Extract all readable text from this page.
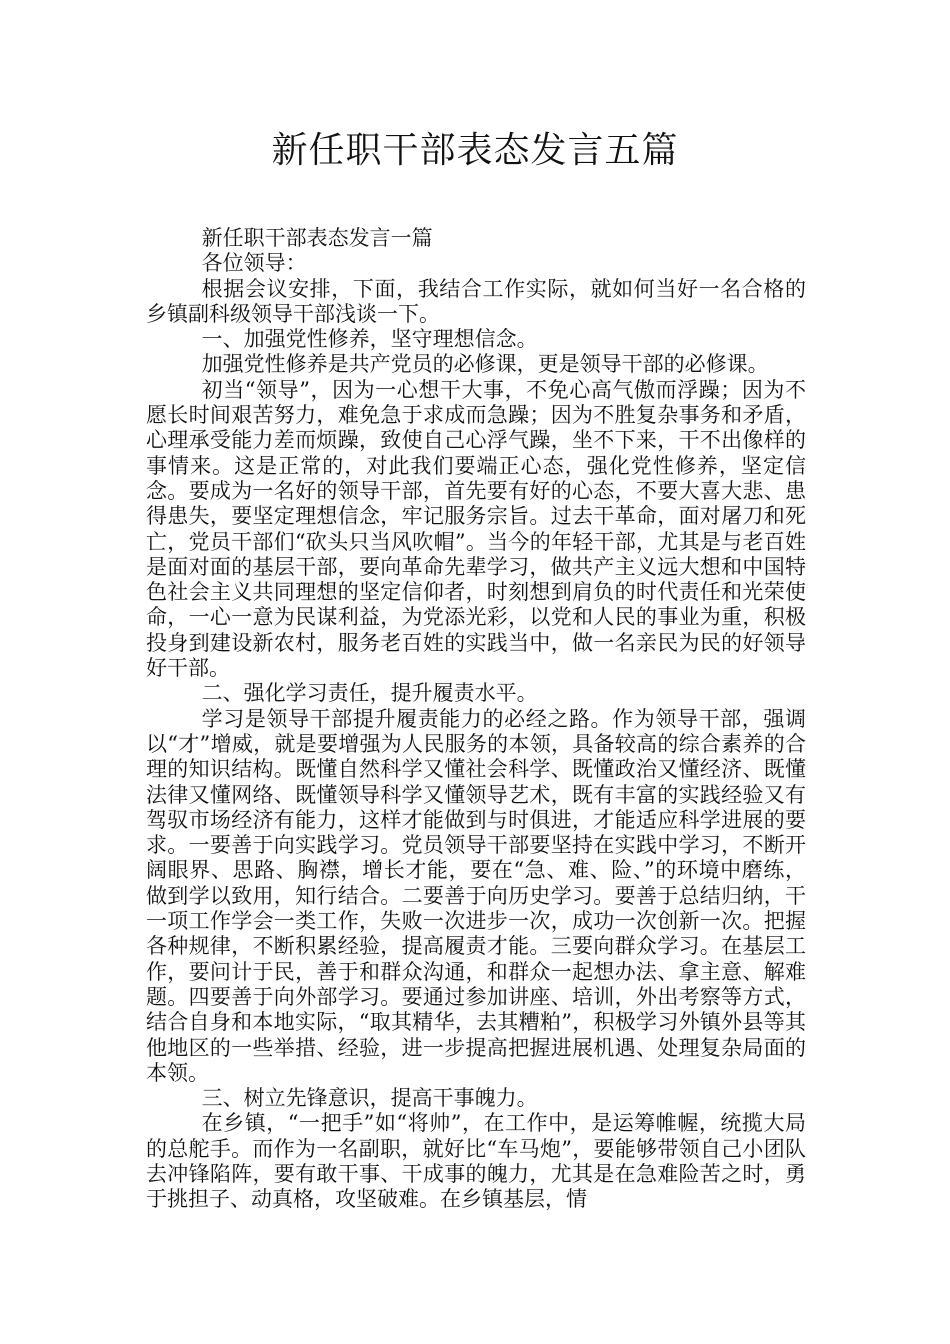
新任职干部表态发言五篇

新任职干部表态发言一篇

各位领导：

根据会议安排，下面，我结合工作实际，就如何当好一名合格的乡镇副科级领导干部浅谈一下。

一、加强党性修养，坚守理想信念。

加强党性修养是共产党员的必修课，更是领导干部的必修课。

初当“领导”，因为一心想干大事，不免心高气傲而浮躁；因为不愿长时间艰苦努力，难免急于求成而急躁；因为不胜复杂事务和矛盾，心理承受能力差而烦躁，致使自己心浮气躁，坐不下来，干不出像样的事情来。这是正常的，对此我们要端正心态，强化党性修养，坚定信念。要成为一名好的领导干部，首先要有好的心态，不要大喜大悲、患得患失，要坚定理想信念，牢记服务宗旨。过去干革命，面对屠刀和死亡，党员干部们“砍头只当风吹帽”。当今的年轻干部，尤其是与老百姓是面对面的基层干部，要向革命先辈学习，做共产主义远大想和中国特色社会主义共同理想的坚定信仰者，时刻想到肩负的时代责任和光荣使命，一心一意为民谋利益，为党添光彩，以党和人民的事业为重，积极投身到建设新农村，服务老百姓的实践当中，做一名亲民为民的好领导好干部。

二、强化学习责任，提升履责水平。

学习是领导干部提升履责能力的必经之路。作为领导干部，强调以“才”增威，就是要增强为人民服务的本领，具备较高的综合素养的合理的知识结构。既懂自然科学又懂社会科学、既懂政治又懂经济、既懂法律又懂网络、既懂领导科学又懂领导艺术，既有丰富的实践经验又有驾驭市场经济有能力，这样才能做到与时俱进，才能适应科学进展的要求。一要善于向实践学习。党员领导干部要坚持在实践中学习，不断开阔眼界、思路、胸襟，增长才能，要在“急、难、险、”的环境中磨练，做到学以致用，知行结合。二要善于向历史学习。要善于总结归纳，干一项工作学会一类工作，失败一次进步一次，成功一次创新一次。把握各种规律，不断积累经验，提高履责才能。三要向群众学习。在基层工作，要问计于民，善于和群众沟通，和群众一起想办法、拿主意、解难题。四要善于向外部学习。要通过参加讲座、培训，外出考察等方式，结合自身和本地实际，“取其精华，去其糟粕”，积极学习外镇外县等其他地区的一些举措、经验，进一步提高把握进展机遇、处理复杂局面的本领。

三、树立先锋意识，提高干事魄力。

在乡镇，“一把手”如“将帅”，在工作中，是运筹帷幄，统揽大局的总舵手。而作为一名副职，就好比“车马炮”，要能够带领自己小团队去冲锋陷阵，要有敢干事、干成事的魄力，尤其是在急难险苦之时，勇于挑担子、动真格，攻坚破难。在乡镇基层，情
